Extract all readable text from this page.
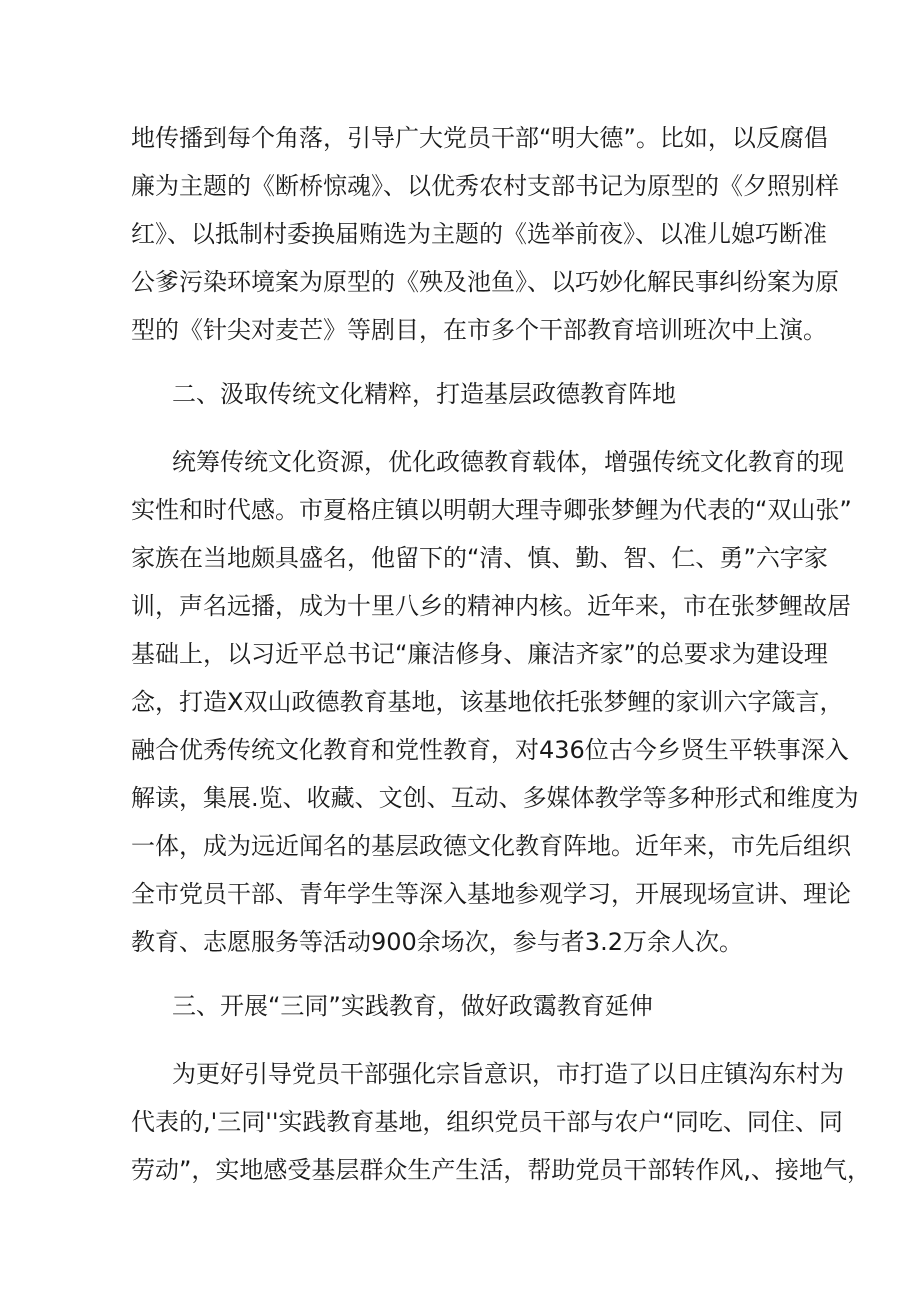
地传播到每个角落，引导广大党员干部“明大德”。比如，以反腐倡
廉为主题的《断桥惊魂》、以优秀农村支部书记为原型的《夕照别样
红》、以抵制村委换届贿选为主题的《选举前夜》、以准儿媳巧断准
公爹污染环境案为原型的《殃及池鱼》、以巧妙化解民事纠纷案为原
型的《针尖对麦芒》等剧目，在市多个干部教育培训班次中上演。
二、汲取传统文化精粹，打造基层政德教育阵地
统筹传统文化资源，优化政德教育载体，增强传统文化教育的现
实性和时代感。市夏格庄镇以明朝大理寺卿张梦鲤为代表的“双山张”
家族在当地颇具盛名，他留下的“清、慎、勤、智、仁、勇”六字家
训，声名远播，成为十里八乡的精神内核。近年来，市在张梦鲤故居
基础上，以习近平总书记“廉洁修身、廉洁齐家”的总要求为建设理
念，打造X双山政德教育基地，该基地依托张梦鲤的家训六字箴言，
融合优秀传统文化教育和党性教育，对436位古今乡贤生平轶事深入
解读，集展.览、收藏、文创、互动、多媒体教学等多种形式和维度为
一体，成为远近闻名的基层政德文化教育阵地。近年来，市先后组织
全市党员干部、青年学生等深入基地参观学习，开展现场宣讲、理论
教育、志愿服务等活动900余场次，参与者3.2万余人次。
三、开展“三同”实践教育，做好政霭教育延伸
为更好引导党员干部强化宗旨意识，市打造了以日庄镇沟东村为
代表的,'三同''实践教育基地，组织党员干部与农户“同吃、同住、同
劳动”，实地感受基层群众生产生活，帮助党员干部转作风,、接地气，
